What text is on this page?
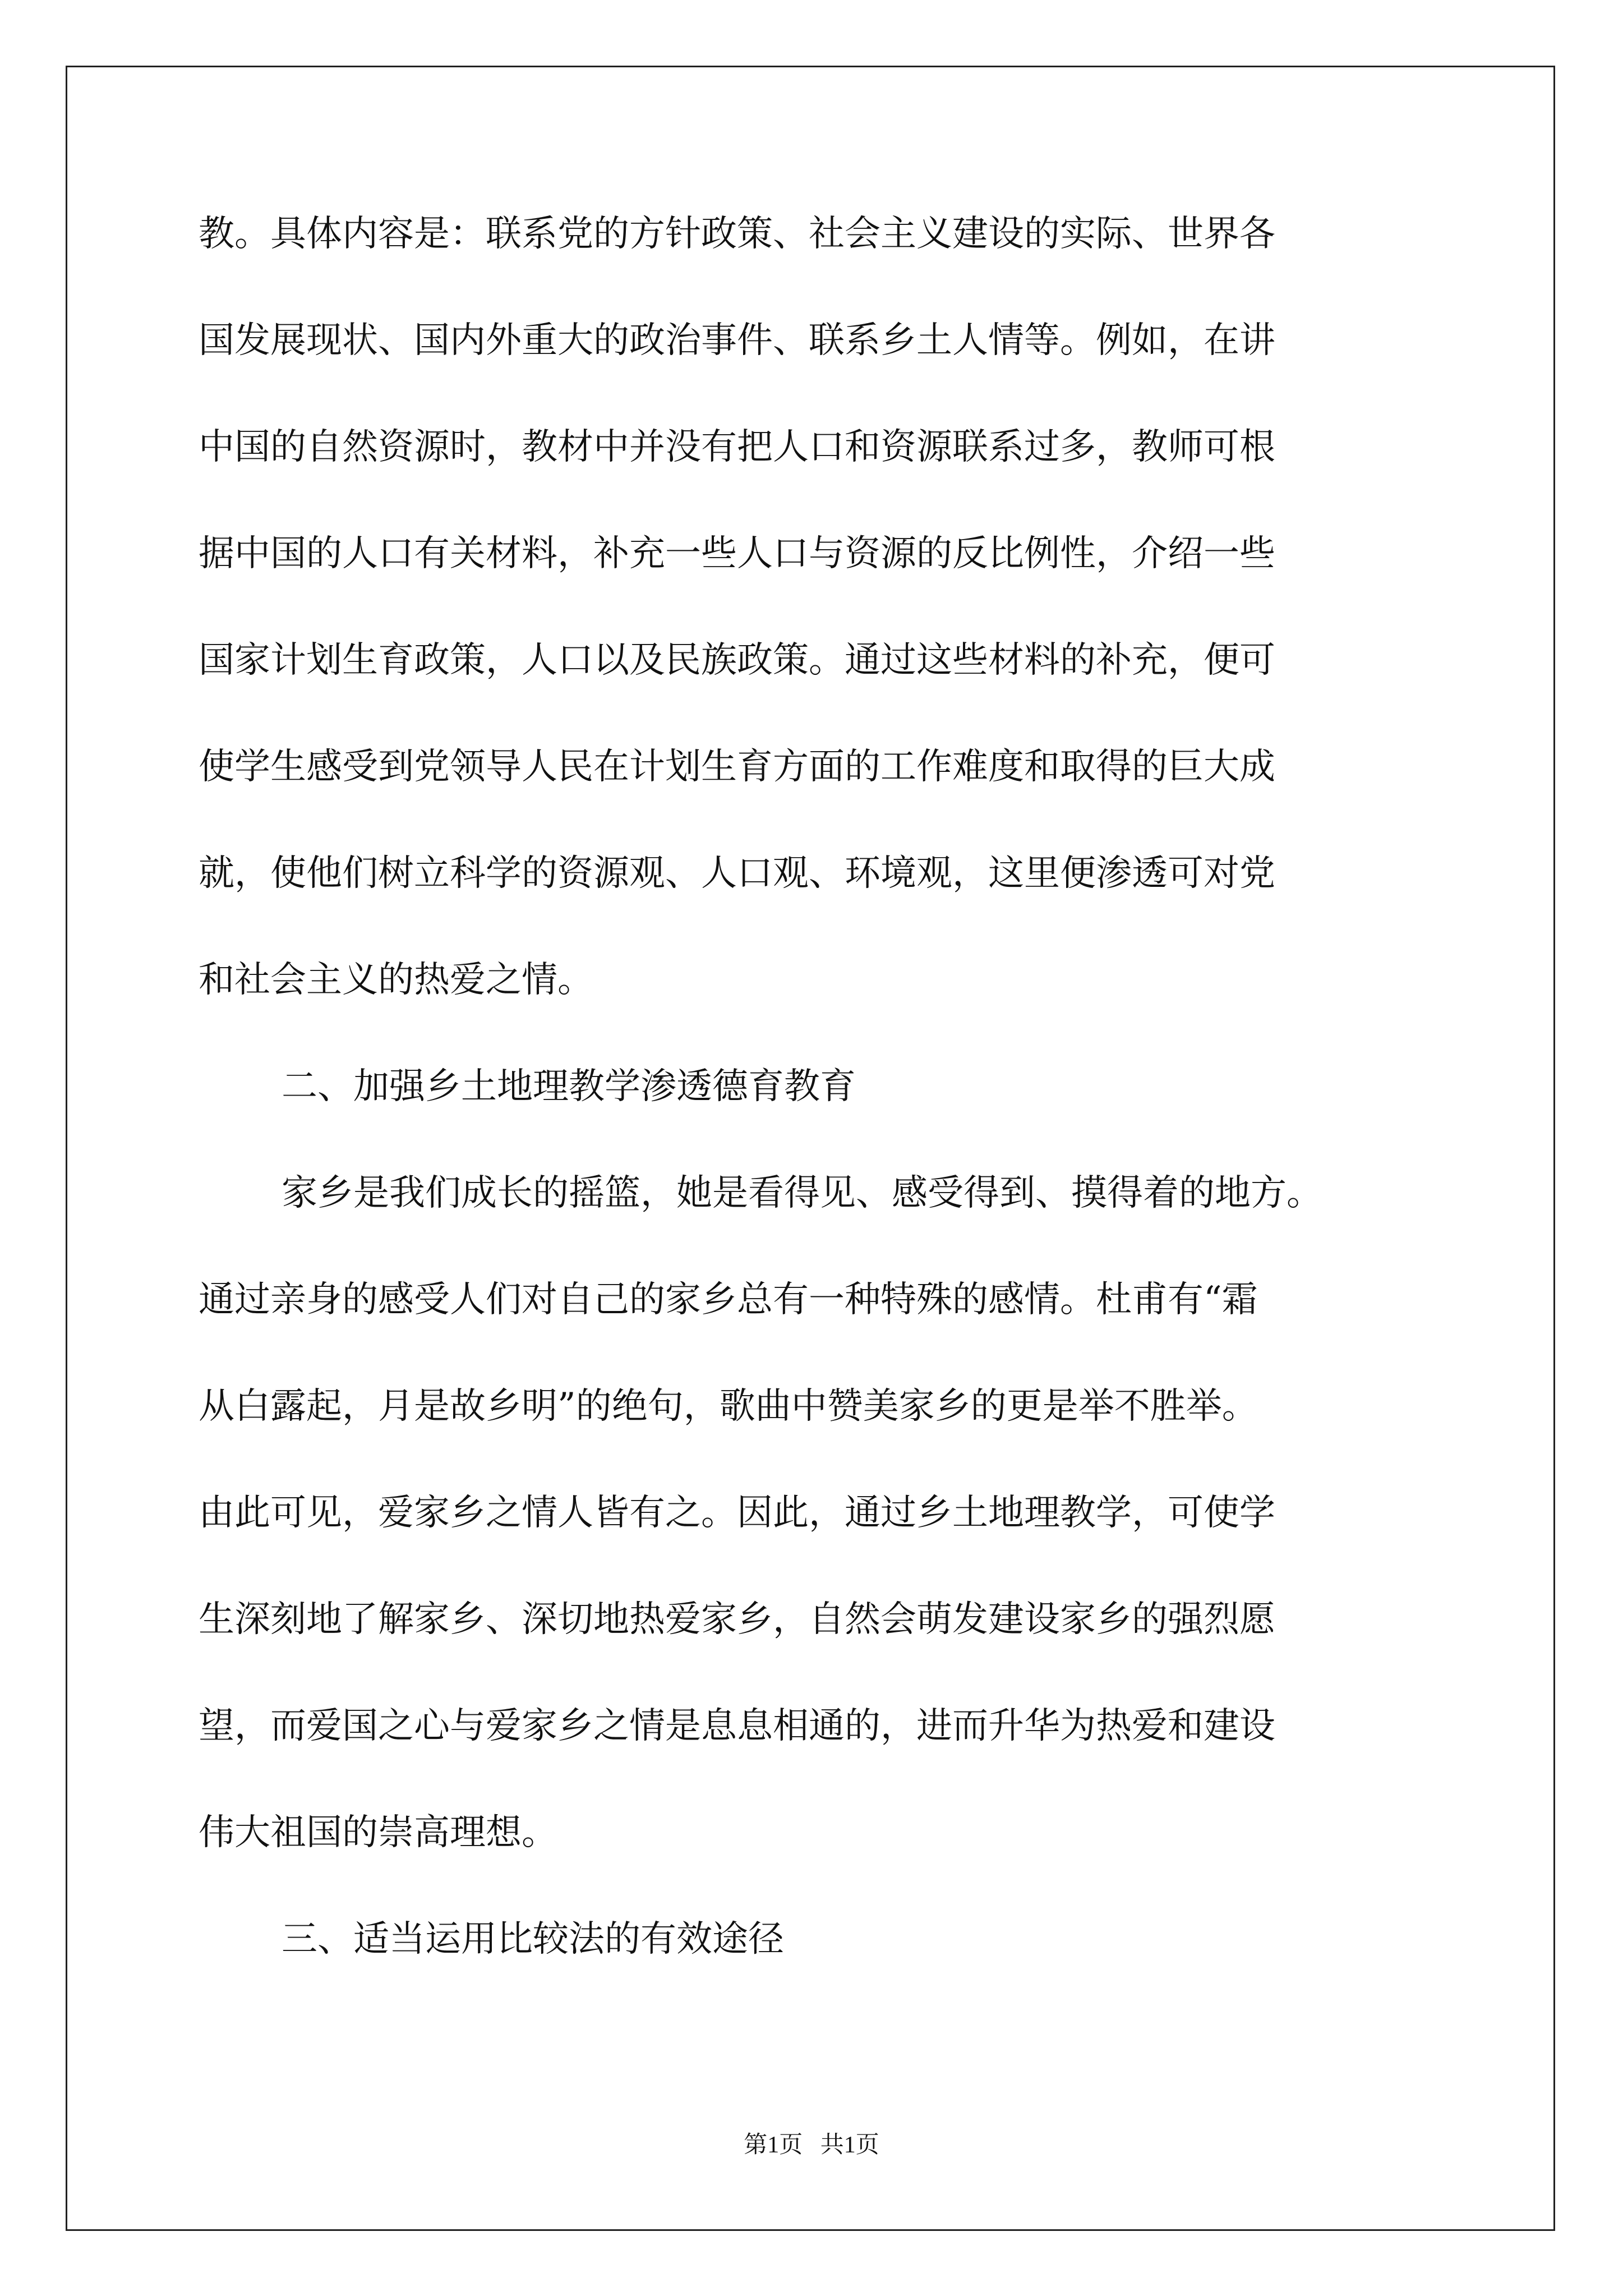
教。具体内容是：联系党的方针政策、社会主义建设的实际、世界各
国发展现状、国内外重大的政治事件、联系乡土人情等。例如，在讲
中国的自然资源时，教材中并没有把人口和资源联系过多，教师可根
据中国的人口有关材料，补充一些人口与资源的反比例性，介绍一些
国家计划生育政策，人口以及民族政策。通过这些材料的补充，便可
使学生感受到党领导人民在计划生育方面的工作难度和取得的巨大成
就，使他们树立科学的资源观、人口观、环境观，这里便渗透可对党
和社会主义的热爱之情。
二、加强乡土地理教学渗透德育教育
家乡是我们成长的摇篮，她是看得见、感受得到、摸得着的地方。
通过亲身的感受人们对自己的家乡总有一种特殊的感情。杜甫有“霜
从白露起，月是故乡明”的绝句，歌曲中赞美家乡的更是举不胜举。
由此可见，爱家乡之情人皆有之。因此，通过乡土地理教学，可使学
生深刻地了解家乡、深切地热爱家乡，自然会萌发建设家乡的强烈愿
望，而爱国之心与爱家乡之情是息息相通的，进而升华为热爱和建设
伟大祖国的崇高理想。
三、适当运用比较法的有效途径
第1页   共1页
